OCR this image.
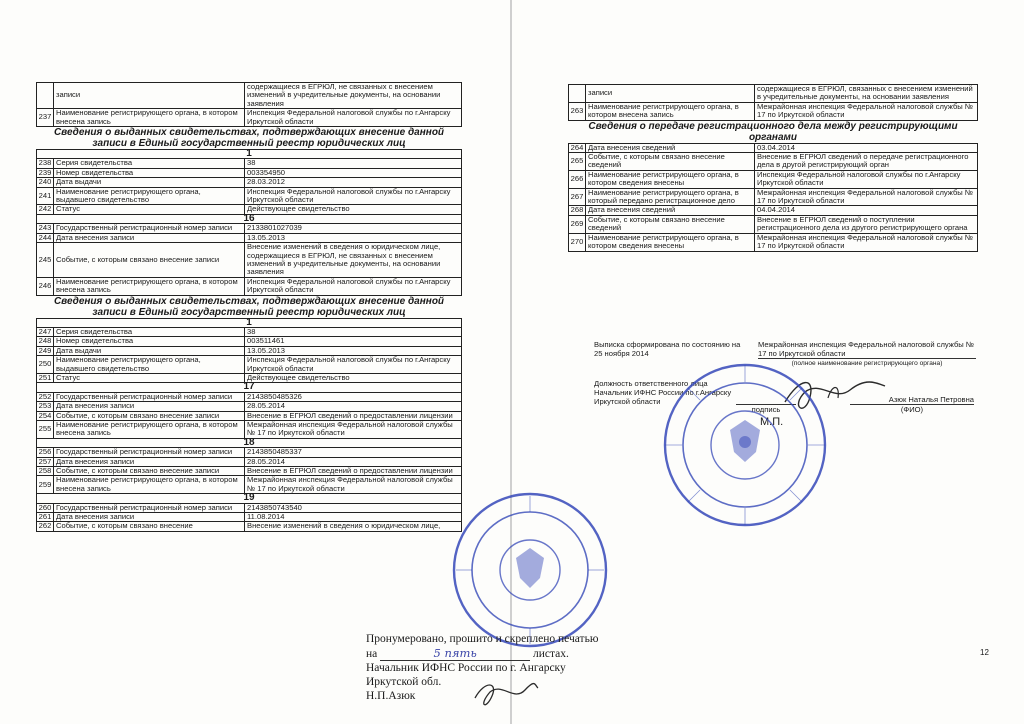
	записи	содержащиеся в ЕГРЮЛ, не связанных с внесением изменений в учредительные документы, на основании заявления
237	Наименование регистрирующего органа, в котором внесена запись	Инспекция Федеральной налоговой службы по г.Ангарску Иркутской области
Сведения о выданных свидетельствах, подтверждающих внесение данной записи в Единый государственный реестр юридических лиц		
1		
238	Серия свидетельства	38
239	Номер свидетельства	003354950
240	Дата выдачи	28.03.2012
241	Наименование регистрирующего органа, выдавшего свидетельство	Инспекция Федеральной налоговой службы по г.Ангарску Иркутской области
242	Статус	Действующее свидетельство
16		
243	Государственный регистрационный номер записи	2133801027039
244	Дата внесения записи	13.05.2013
245	Событие, с которым связано внесение записи	Внесение изменений в сведения о юридическом лице, содержащиеся в ЕГРЮЛ, не связанных с внесением изменений в учредительные документы, на основании заявления
246	Наименование регистрирующего органа, в котором внесена запись	Инспекция Федеральной налоговой службы по г.Ангарску Иркутской области
Сведения о выданных свидетельствах, подтверждающих внесение данной записи в Единый государственный реестр юридических лиц		
1		
247	Серия свидетельства	38
248	Номер свидетельства	003511461
249	Дата выдачи	13.05.2013
250	Наименование регистрирующего органа, выдавшего свидетельство	Инспекция Федеральной налоговой службы по г.Ангарску Иркутской области
251	Статус	Действующее свидетельство
17		
252	Государственный регистрационный номер записи	2143850485326
253	Дата внесения записи	28.05.2014
254	Событие, с которым связано внесение записи	Внесение в ЕГРЮЛ сведений о предоставлении лицензии
255	Наименование регистрирующего органа, в котором внесена запись	Межрайонная инспекция Федеральной налоговой службы № 17 по Иркутской области
18		
256	Государственный регистрационный номер записи	2143850485337
257	Дата внесения записи	28.05.2014
258	Событие, с которым связано внесение записи	Внесение в ЕГРЮЛ сведений о предоставлении лицензии
259	Наименование регистрирующего органа, в котором внесена запись	Межрайонная инспекция Федеральной налоговой службы № 17 по Иркутской области
19		
260	Государственный регистрационный номер записи	2143850743540
261	Дата внесения записи	11.08.2014
262	Событие, с которым связано внесение	Внесение изменений в сведения о юридическом лице,
	записи	содержащиеся в ЕГРЮЛ, связанных с внесением изменений в учредительные документы, на основании заявления
263	Наименование регистрирующего органа, в котором внесена запись	Межрайонная инспекция Федеральной налоговой службы № 17 по Иркутской области
Сведения о передаче регистрационного дела между регистрирующими органами		
264	Дата внесения сведений	03.04.2014
265	Событие, с которым связано внесение сведений	Внесение в ЕГРЮЛ сведений о передаче регистрационного дела в другой регистрирующий орган
266	Наименование регистрирующего органа, в котором сведения внесены	Инспекция Федеральной налоговой службы по г.Ангарску Иркутской области
267	Наименование регистрирующего органа, в который передано регистрационное дело	Межрайонная инспекция Федеральной налоговой службы № 17 по Иркутской области
268	Дата внесения сведений	04.04.2014
269	Событие, с которым связано внесение сведений	Внесение в ЕГРЮЛ сведений о поступлении регистрационного дела из другого регистрирующего органа
270	Наименование регистрирующего органа, в котором сведения внесены	Межрайонная инспекция Федеральной налоговой службы № 17 по Иркутской области
Выписка сформирована по состоянию на
25 ноября 2014
Межрайонная инспекция Федеральной налоговой службы № 17 по Иркутской области
(полное наименование регистрирующего органа)
Должность ответственного лица
Начальник ИФНС России по г.Ангарску
Иркутской области
подпись
М.П.
Азюк Наталья Петровна
(ФИО)
Пронумеровано, прошито и скреплено печатью
на	5 пять	листах.
Начальник ИФНС России по г. Ангарску
Иркутской обл.
Н.П.Азюк
12
